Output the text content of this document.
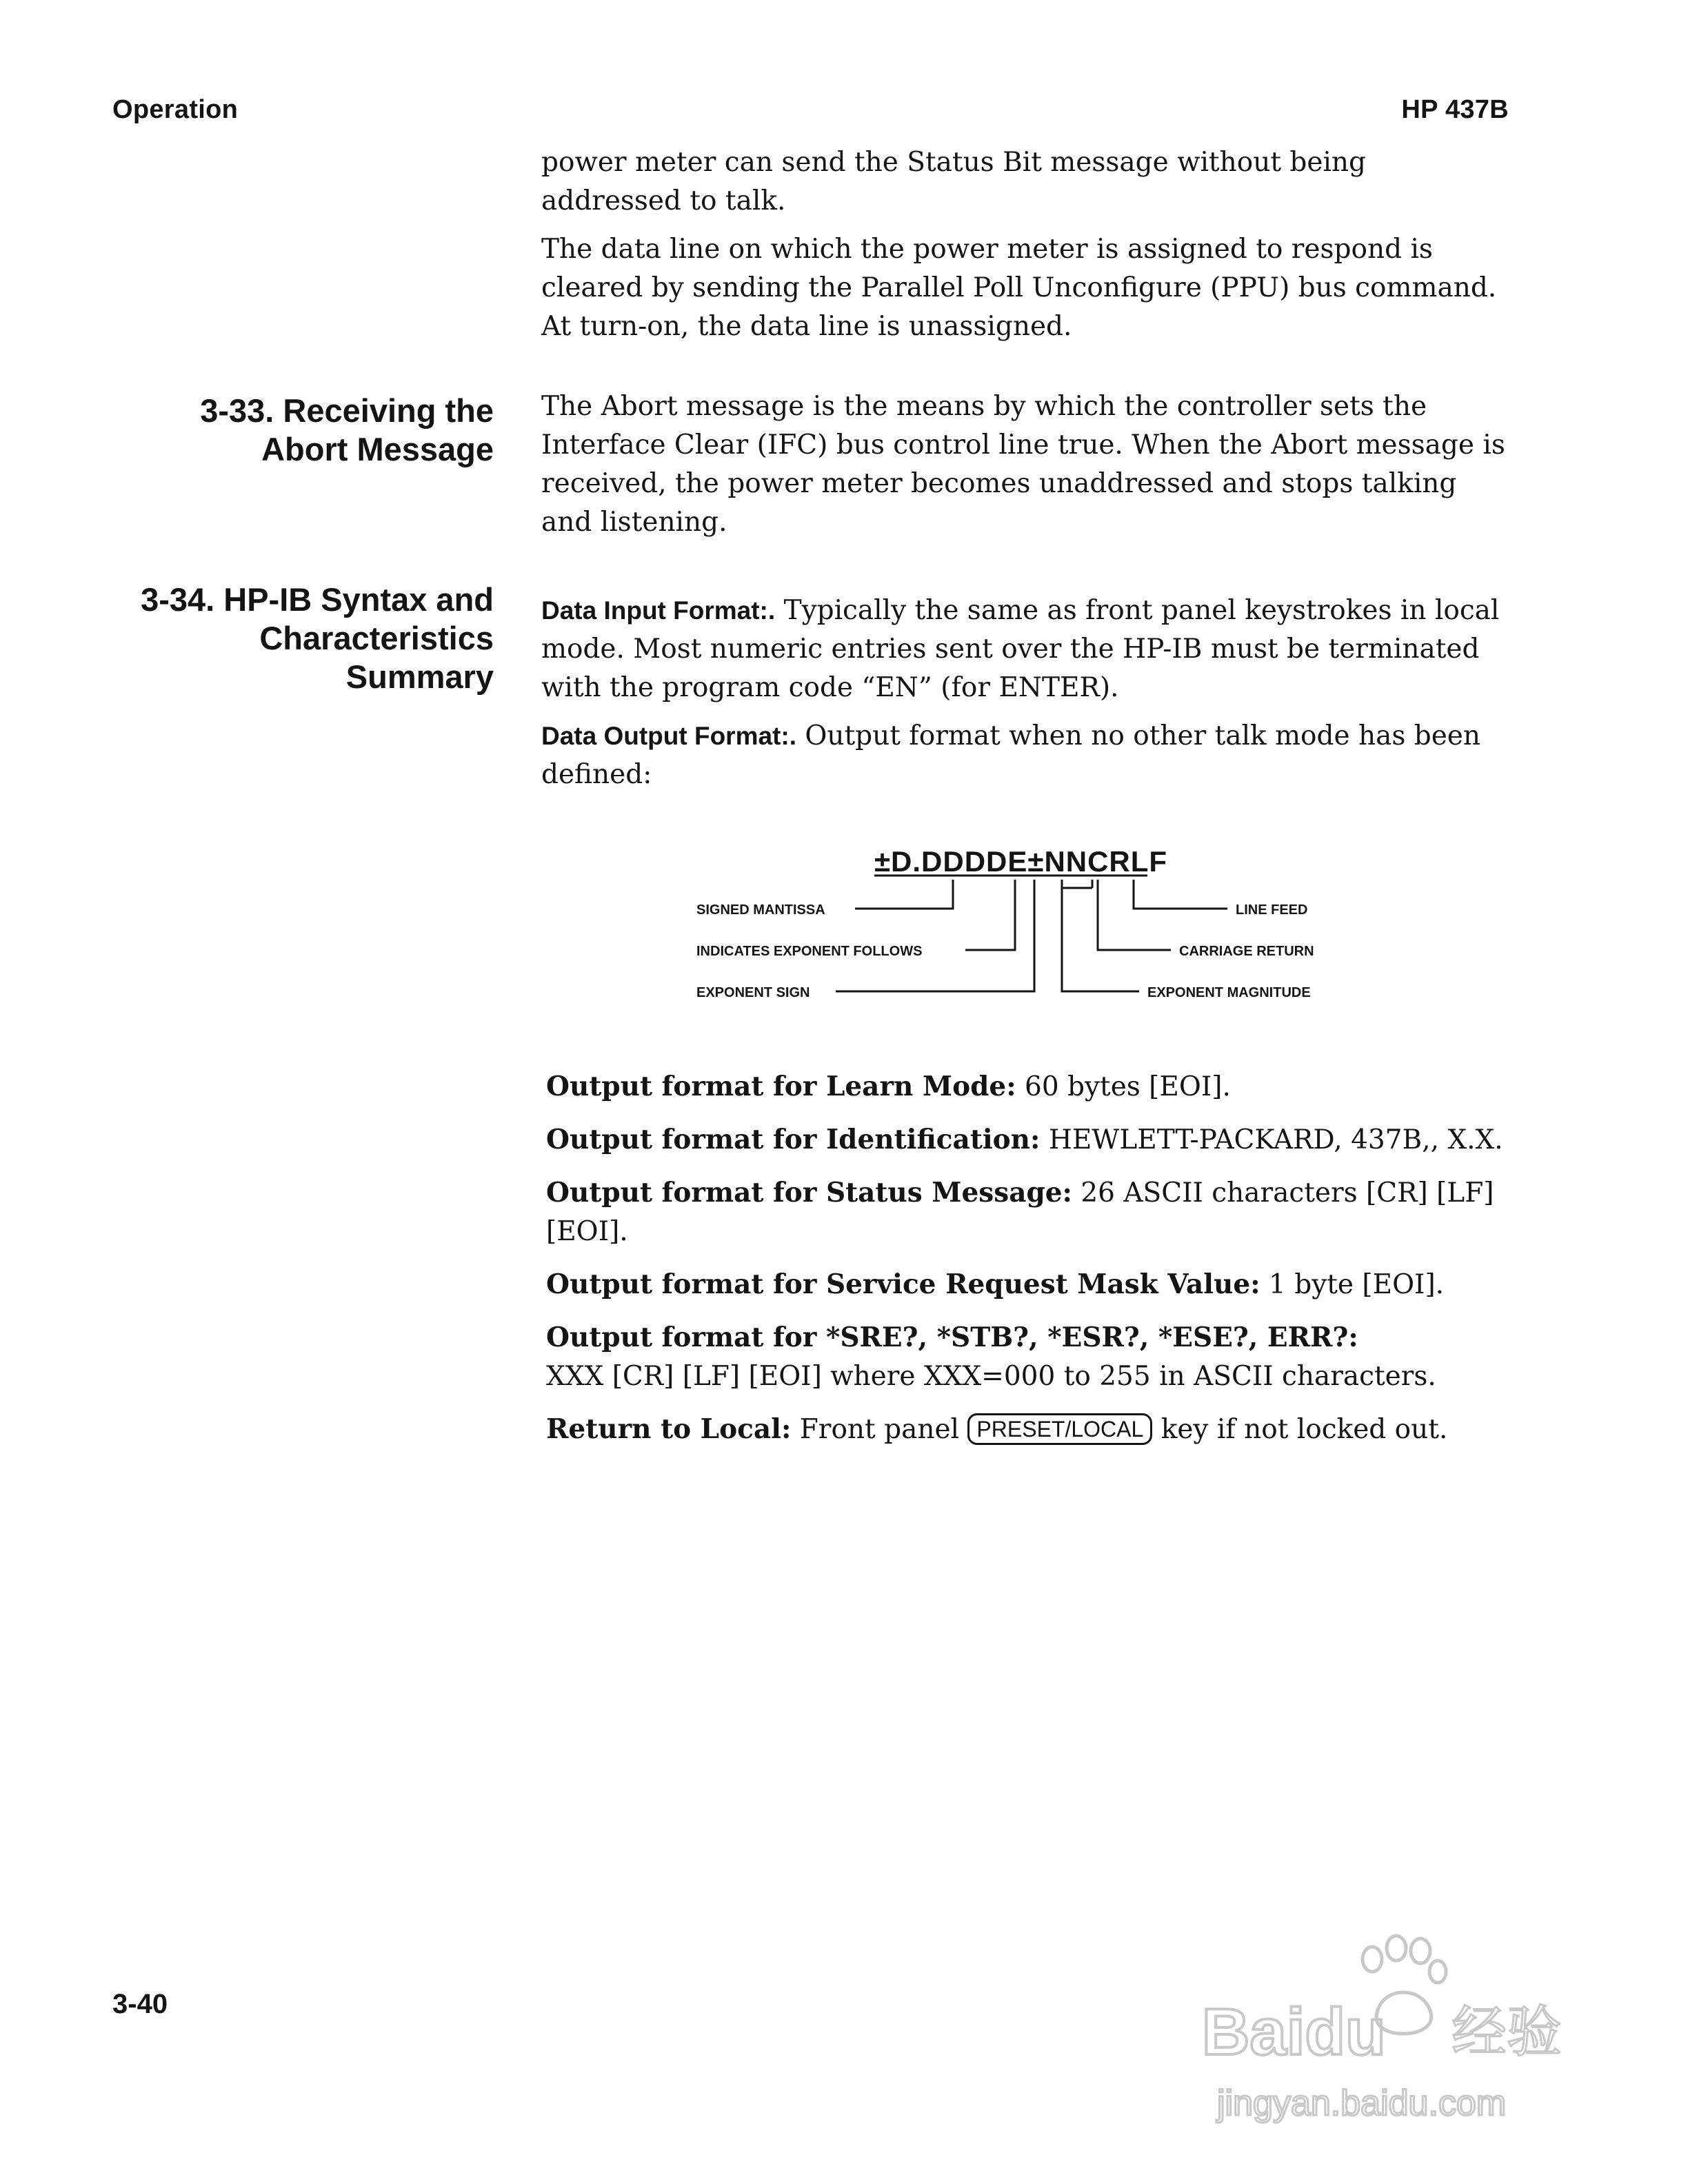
Operation	HP 437B

power meter can send the Status Bit message without being addressed to talk.

The data line on which the power meter is assigned to respond is cleared by sending the Parallel Poll Unconfigure (PPU) bus command. At turn-on, the data line is unassigned.

3-33. Receiving the
Abort Message

The Abort message is the means by which the controller sets the Interface Clear (IFC) bus control line true. When the Abort message is received, the power meter becomes unaddressed and stops talking and listening.

3-34. HP-IB Syntax and
Characteristics
Summary

Data Input Format:. Typically the same as front panel keystrokes in local mode. Most numeric entries sent over the HP-IB must be terminated with the program code “EN” (for ENTER).

Data Output Format:. Output format when no other talk mode has been defined:

±D.DDDDE±NNCRLF
SIGNED MANTISSA
INDICATES EXPONENT FOLLOWS
EXPONENT SIGN
LINE FEED
CARRIAGE RETURN
EXPONENT MAGNITUDE

Output format for Learn Mode: 60 bytes [EOI].

Output format for Identification: HEWLETT-PACKARD, 437B,, X.X.

Output format for Status Message: 26 ASCII characters [CR] [LF] [EOI].

Output format for Service Request Mask Value: 1 byte [EOI].

Output format for *SRE?, *STB?, *ESR?, *ESE?, ERR?:
XXX [CR] [LF] [EOI] where XXX=000 to 255 in ASCII characters.

Return to Local: Front panel PRESET/LOCAL key if not locked out.

3-40	Baidu 经验
jingyan.baidu.com
